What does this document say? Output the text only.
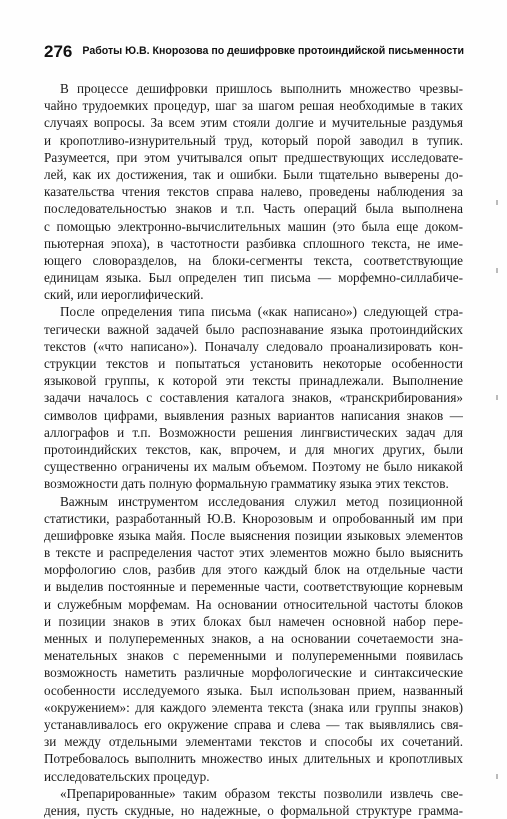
276 Работы Ю.В. Кнорозова по дешифровке протоиндийской письменности
В процессе дешифровки пришлось выполнить множество чрезвы-
чайно трудоемких процедур, шаг за шагом решая необходимые в таких
случаях вопросы. За всем этим стояли долгие и мучительные раздумья
и кропотливо-изнурительный труд, который порой заводил в тупик.
Разумеется, при этом учитывался опыт предшествующих исследовате-
лей, как их достижения, так и ошибки. Были тщательно выверены до-
казательства чтения текстов справа налево, проведены наблюдения за
последовательностью знаков и т.п. Часть операций была выполнена
с помощью электронно-вычислительных машин (это была еще доком-
пьютерная эпоха), в частотности разбивка сплошного текста, не име-
ющего словоразделов, на блоки-сегменты текста, соответствующие
единицам языка. Был определен тип письма — морфемно-силлабиче-
ский, или иероглифический.
После определения типа письма («как написано») следующей стра-
тегически важной задачей было распознавание языка протоиндийских
текстов («что написано»). Поначалу следовало проанализировать кон-
струкции текстов и попытаться установить некоторые особенности
языковой группы, к которой эти тексты принадлежали. Выполнение
задачи началось с составления каталога знаков, «транскрибирования»
символов цифрами, выявления разных вариантов написания знаков —
аллографов и т.п. Возможности решения лингвистических задач для
протоиндийских текстов, как, впрочем, и для многих других, были
существенно ограничены их малым объемом. Поэтому не было никакой
возможности дать полную формальную грамматику языка этих текстов.
Важным инструментом исследования служил метод позиционной
статистики, разработанный Ю.В. Кнорозовым и опробованный им при
дешифровке языка майя. После выяснения позиции языковых элементов
в тексте и распределения частот этих элементов можно было выяснить
морфологию слов, разбив для этого каждый блок на отдельные части
и выделив постоянные и переменные части, соответствующие корневым
и служебным морфемам. На основании относительной частоты блоков
и позиции знаков в этих блоках был намечен основной набор пере-
менных и полупеременных знаков, а на основании сочетаемости зна-
менательных знаков с переменными и полупеременными появилась
возможность наметить различные морфологические и синтаксические
особенности исследуемого языка. Был использован прием, названный
«окружением»: для каждого элемента текста (знака или группы знаков)
устанавливалось его окружение справа и слева — так выявлялись свя-
зи между отдельными элементами текстов и способы их сочетаний.
Потребовалось выполнить множество иных длительных и кропотливых
исследовательских процедур.
«Препарированные» таким образом тексты позволили извлечь све-
дения, пусть скудные, но надежные, о формальной структуре грамма-
